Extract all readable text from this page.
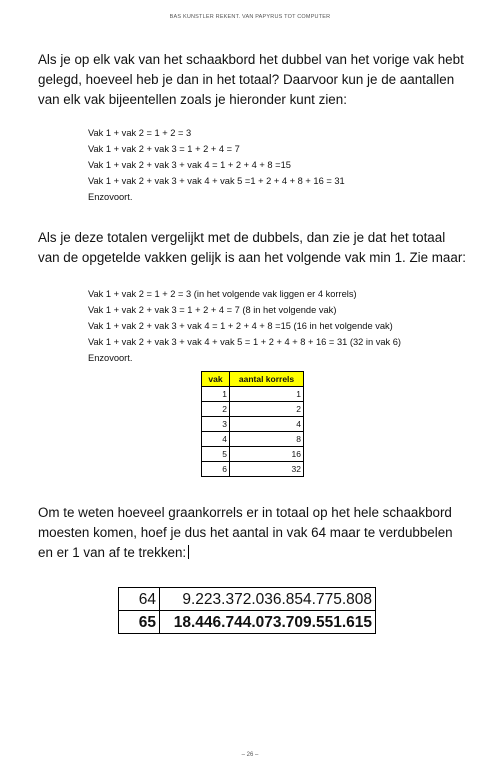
BAS KUNSTLER REKENT. VAN PAPYRUS TOT COMPUTER
Als je op elk vak van het schaakbord het dubbel van het vorige vak hebt
gelegd, hoeveel heb je dan in het totaal? Daarvoor kun je de aantallen
van elk vak bijeentellen zoals je hieronder kunt zien:
Vak 1 + vak 2 = 1 + 2 = 3
Vak 1 + vak 2 + vak 3 = 1 + 2 + 4 = 7
Vak 1 + vak 2 + vak 3 + vak 4 = 1 + 2 + 4 + 8 =15
Vak 1 + vak 2 + vak 3 + vak 4 + vak 5 =1 + 2 + 4 + 8 + 16 = 31
Enzovoort.
Als je deze totalen vergelijkt met de dubbels, dan zie je dat het totaal
van de opgetelde vakken gelijk is aan het volgende vak min 1. Zie maar:
Vak 1 + vak 2 = 1 + 2 = 3 (in het volgende vak liggen er 4 korrels)
Vak 1 + vak 2 + vak 3 = 1 + 2 + 4 = 7 (8 in het volgende vak)
Vak 1 + vak 2 + vak 3 + vak 4 = 1 + 2 + 4 + 8 =15 (16 in het volgende vak)
Vak 1 + vak 2 + vak 3 + vak 4 + vak 5 = 1 + 2 + 4 + 8 + 16 = 31 (32 in vak 6)
Enzovoort.
vak	aantal korrels
1	1
2	2
3	4
4	8
5	16
6	32
Om te weten hoeveel graankorrels er in totaal op het hele schaakbord
moesten komen, hoef je dus het aantal in vak 64 maar te verdubbelen
en er 1 van af te trekken:
64	9.223.372.036.854.775.808
65	18.446.744.073.709.551.615
– 26 –
